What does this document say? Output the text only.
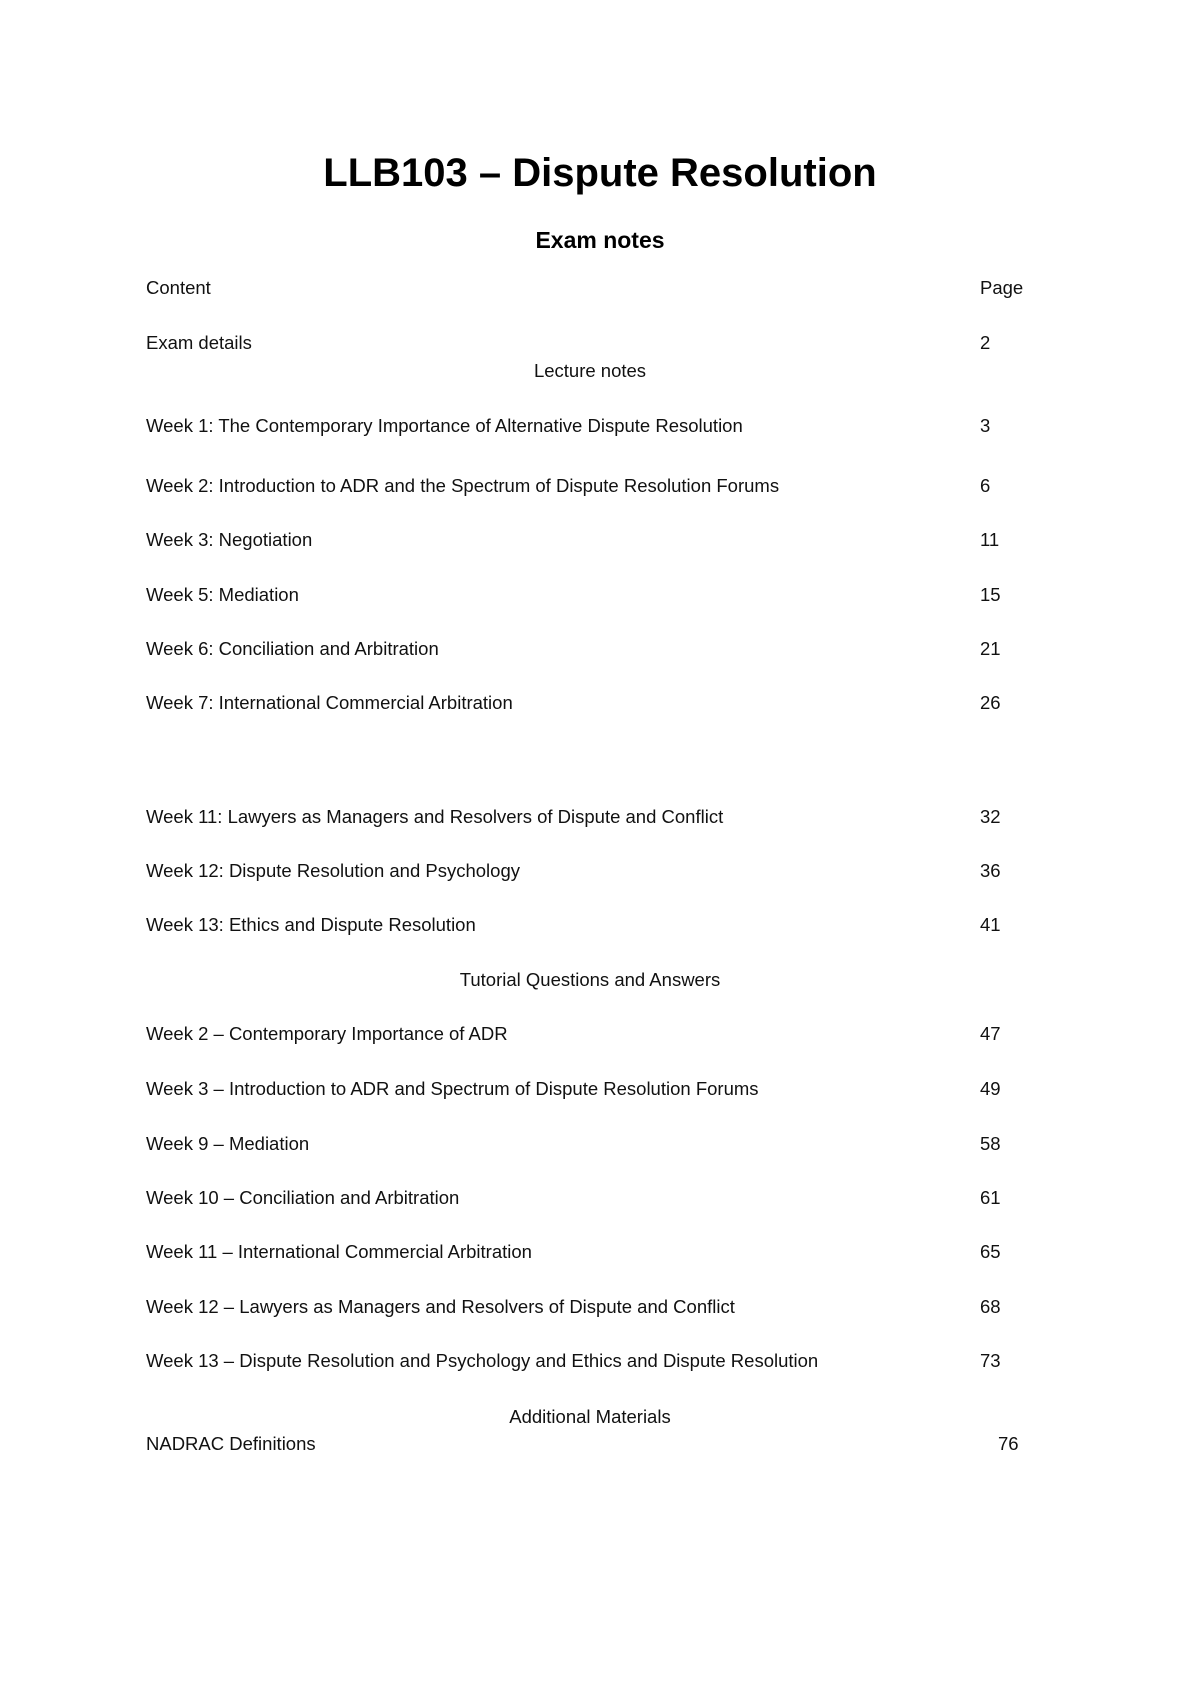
LLB103 – Dispute Resolution
Exam notes
Content	Page
Exam details	2
Lecture notes
Week 1: The Contemporary Importance of Alternative Dispute Resolution	3
Week 2: Introduction to ADR and the Spectrum of Dispute Resolution Forums	6
Week 3: Negotiation	11
Week 5: Mediation	15
Week 6: Conciliation and Arbitration	21
Week 7: International Commercial Arbitration	26
Week 11: Lawyers as Managers and Resolvers of Dispute and Conflict	32
Week 12: Dispute Resolution and Psychology	36
Week 13: Ethics and Dispute Resolution	41
Tutorial Questions and Answers
Week 2 – Contemporary Importance of ADR	47
Week 3 – Introduction to ADR and Spectrum of Dispute Resolution Forums	49
Week 9 – Mediation	58
Week 10 – Conciliation and Arbitration	61
Week 11 – International Commercial Arbitration	65
Week 12 – Lawyers as Managers and Resolvers of Dispute and Conflict	68
Week 13 – Dispute Resolution and Psychology and Ethics and Dispute Resolution	73
Additional Materials
NADRAC Definitions	76
